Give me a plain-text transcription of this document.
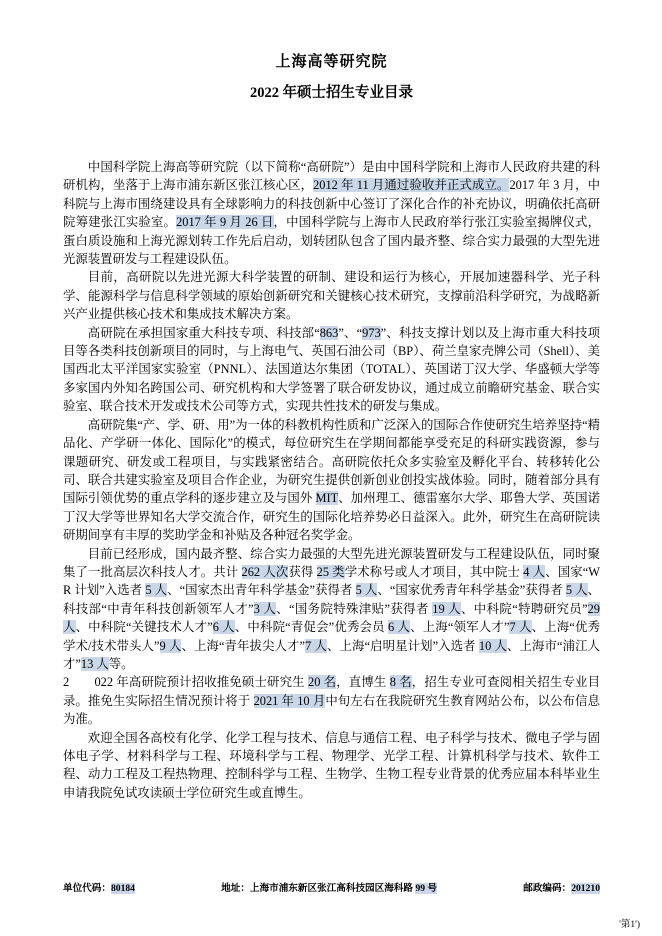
上海高等研究院
2022 年硕士招生专业目录

中国科学院上海高等研究院（以下简称“高研院”）是由中国科学院和上海市人民政府共建的科研机构，坐落于上海市浦东新区张江核心区，2012 年 11 月通过验收并正式成立。2017 年 3 月，中科院与上海市围绕建设具有全球影响力的科技创新中心签订了深化合作的补充协议，明确依托高研院筹建张江实验室。2017 年 9 月 26 日，中国科学院与上海市人民政府举行张江实验室揭牌仪式，蛋白质设施和上海光源划转工作先后启动，划转团队包含了国内最齐整、综合实力最强的大型先进光源装置研发与工程建设队伍。

目前，高研院以先进光源大科学装置的研制、建设和运行为核心，开展加速器科学、光子科学、能源科学与信息科学领域的原始创新研究和关键核心技术研究，支撑前沿科学研究，为战略新兴产业提供核心技术和集成技术解决方案。

高研院在承担国家重大科技专项、科技部“863”、“973”、科技支撑计划以及上海市重大科技项目等各类科技创新项目的同时，与上海电气、英国石油公司（BP）、荷兰皇家壳牌公司（Shell）、美国西北太平洋国家实验室（PNNL）、法国道达尔集团（TOTAL）、英国诺丁汉大学、华盛顿大学等多家国内外知名跨国公司、研究机构和大学签署了联合研发协议，通过成立前瞻研究基金、联合实验室、联合技术开发或技术公司等方式，实现共性技术的研发与集成。

高研院集“产、学、研、用”为一体的科教机构性质和广泛深入的国际合作使研究生培养坚持“精品化、产学研一体化、国际化”的模式，每位研究生在学期间都能享受充足的科研实践资源，参与课题研究、研发或工程项目，与实践紧密结合。高研院依托众多实验室及孵化平台、转移转化公司、联合共建实验室及项目合作企业，为研究生提供创新创业创投实战体验。同时，随着部分具有国际引领优势的重点学科的逐步建立及与国外 MIT、加州理工、德雷塞尔大学、耶鲁大学、英国诺丁汉大学等世界知名大学交流合作，研究生的国际化培养势必日益深入。此外，研究生在高研院读研期间享有丰厚的奖助学金和补贴及各种冠名奖学金。

目前已经形成，国内最齐整、综合实力最强的大型先进光源装置研发与工程建设队伍，同时聚集了一批高层次科技人才。共计 262 人次获得 25 类学术称号或人才项目，其中院士 4 人、国家“WR 计划”入选者 5 人、“国家杰出青年科学基金”获得者 5 人、“国家优秀青年科学基金”获得者 5 人、科技部“中青年科技创新领军人才”3 人、“国务院特殊津贴”获得者 19 人、中科院“特聘研究员”29 人、中科院“关键技术人才”6 人、中科院“青促会”优秀会员 6 人、上海“领军人才”7 人、上海“优秀学术/技术带头人”9 人、上海“青年拔尖人才”7 人、上海“启明星计划”入选者 10 人、上海市“浦江人才”13 人等。

2　　022 年高研院预计招收推免硕士研究生 20 名，直博生 8 名，招生专业可查阅相关招生专业目录。推免生实际招生情况预计将于 2021 年 10 月中旬左右在我院研究生教育网站公布，以公布信息为准。

欢迎全国各高校有化学、化学工程与技术、信息与通信工程、电子科学与技术、微电子学与固体电子学、材料科学与工程、环境科学与工程、物理学、光学工程、计算机科学与技术、软件工程、动力工程及工程热物理、控制科学与工程、生物学、生物工程专业背景的优秀应届本科毕业生申请我院免试攻读硕士学位研究生或直博生。

单位代码：80184	地址：上海市浦东新区张江高科技园区海科路 99 号	邮政编码：201210
'第1')
